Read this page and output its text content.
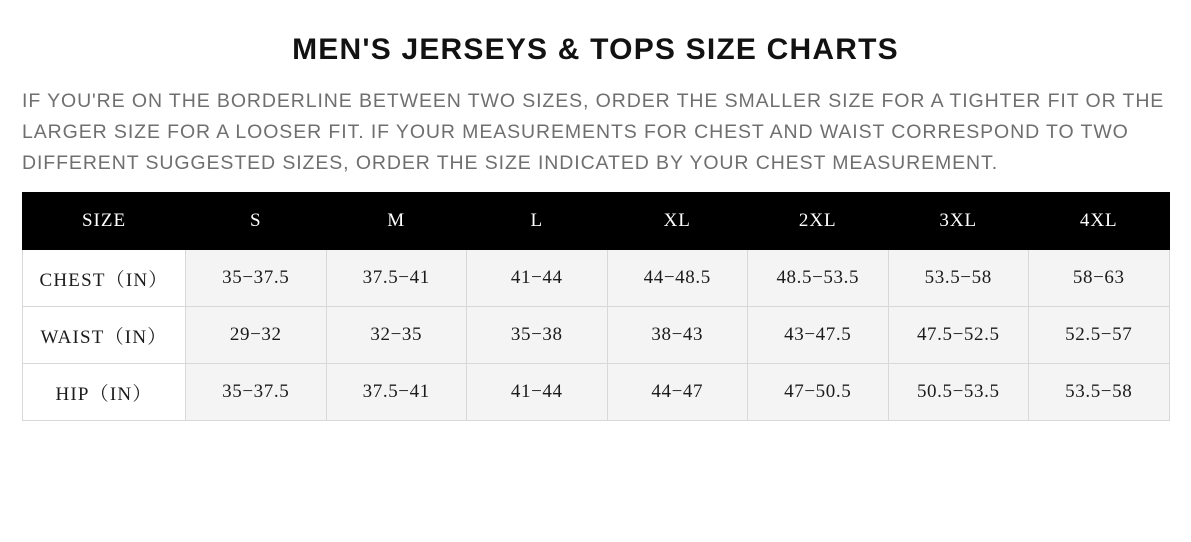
MEN'S JERSEYS & TOPS SIZE CHARTS

IF YOU'RE ON THE BORDERLINE BETWEEN TWO SIZES, ORDER THE SMALLER SIZE FOR A TIGHTER FIT OR THE LARGER SIZE FOR A LOOSER FIT. IF YOUR MEASUREMENTS FOR CHEST AND WAIST CORRESPOND TO TWO DIFFERENT SUGGESTED SIZES, ORDER THE SIZE INDICATED BY YOUR CHEST MEASUREMENT.

SIZE	S	M	L	XL	2XL	3XL	4XL
CHEST（IN）	35−37.5	37.5−41	41−44	44−48.5	48.5−53.5	53.5−58	58−63
WAIST（IN）	29−32	32−35	35−38	38−43	43−47.5	47.5−52.5	52.5−57
HIP（IN）	35−37.5	37.5−41	41−44	44−47	47−50.5	50.5−53.5	53.5−58
